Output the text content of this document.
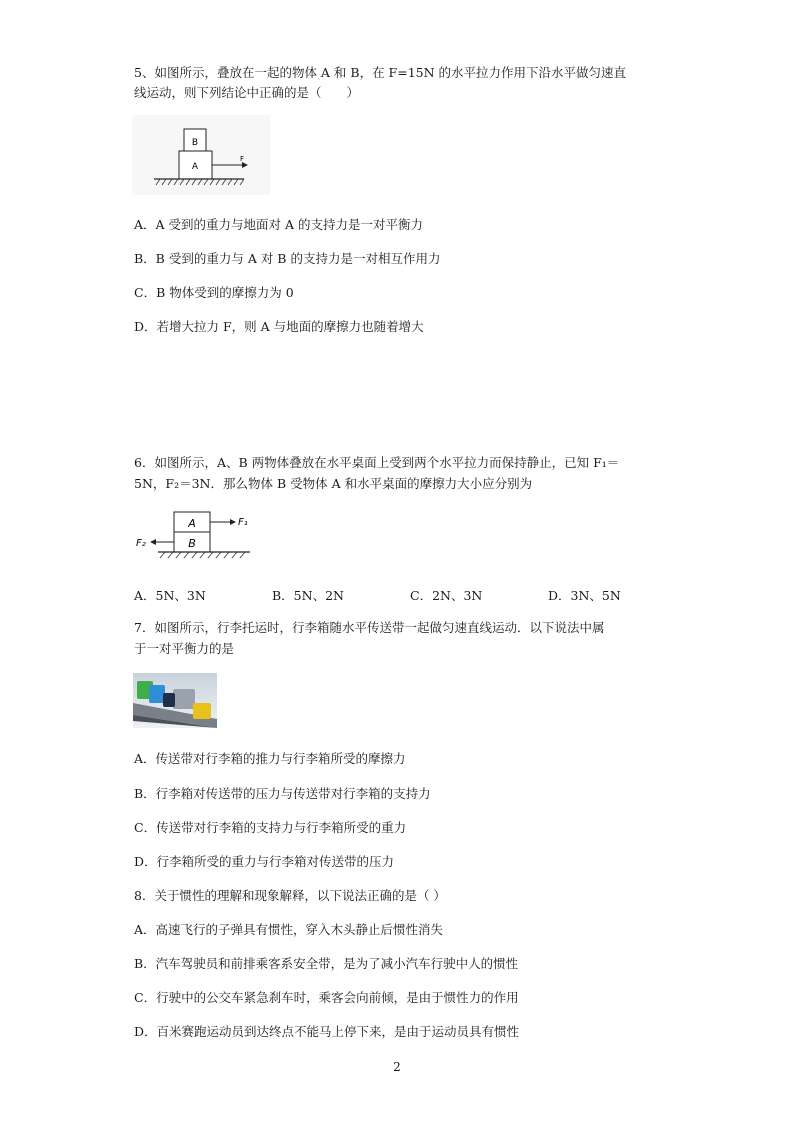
5、如图所示，叠放在一起的物体 A 和 B，在 F=15N 的水平拉力作用下沿水平做匀速直
线运动，则下列结论中正确的是（　　）
B
A
F
A．A 受到的重力与地面对 A 的支持力是一对平衡力
B．B 受到的重力与 A 对 B 的支持力是一对相互作用力
C．B 物体受到的摩擦力为 0
D．若增大拉力 F，则 A 与地面的摩擦力也随着增大
6．如图所示，A、B 两物体叠放在水平桌面上受到两个水平拉力而保持静止，已知 F₁＝
5N，F₂＝3N．那么物体 B 受物体 A 和水平桌面的摩擦力大小应分别为
A
B
F₁
F₂
A．5N、3N	B．5N、2N	C．2N、3N	D．3N、5N
7．如图所示，行李托运时，行李箱随水平传送带一起做匀速直线运动．以下说法中属
于一对平衡力的是
A．传送带对行李箱的推力与行李箱所受的摩擦力
B．行李箱对传送带的压力与传送带对行李箱的支持力
C．传送带对行李箱的支持力与行李箱所受的重力
D．行李箱所受的重力与行李箱对传送带的压力
8．关于惯性的理解和现象解释，以下说法正确的是（ ）
A．高速飞行的子弹具有惯性，穿入木头静止后惯性消失
B．汽车驾驶员和前排乘客系安全带，是为了减小汽车行驶中人的惯性
C．行驶中的公交车紧急刹车时，乘客会向前倾，是由于惯性力的作用
D．百米赛跑运动员到达终点不能马上停下来，是由于运动员具有惯性
2
